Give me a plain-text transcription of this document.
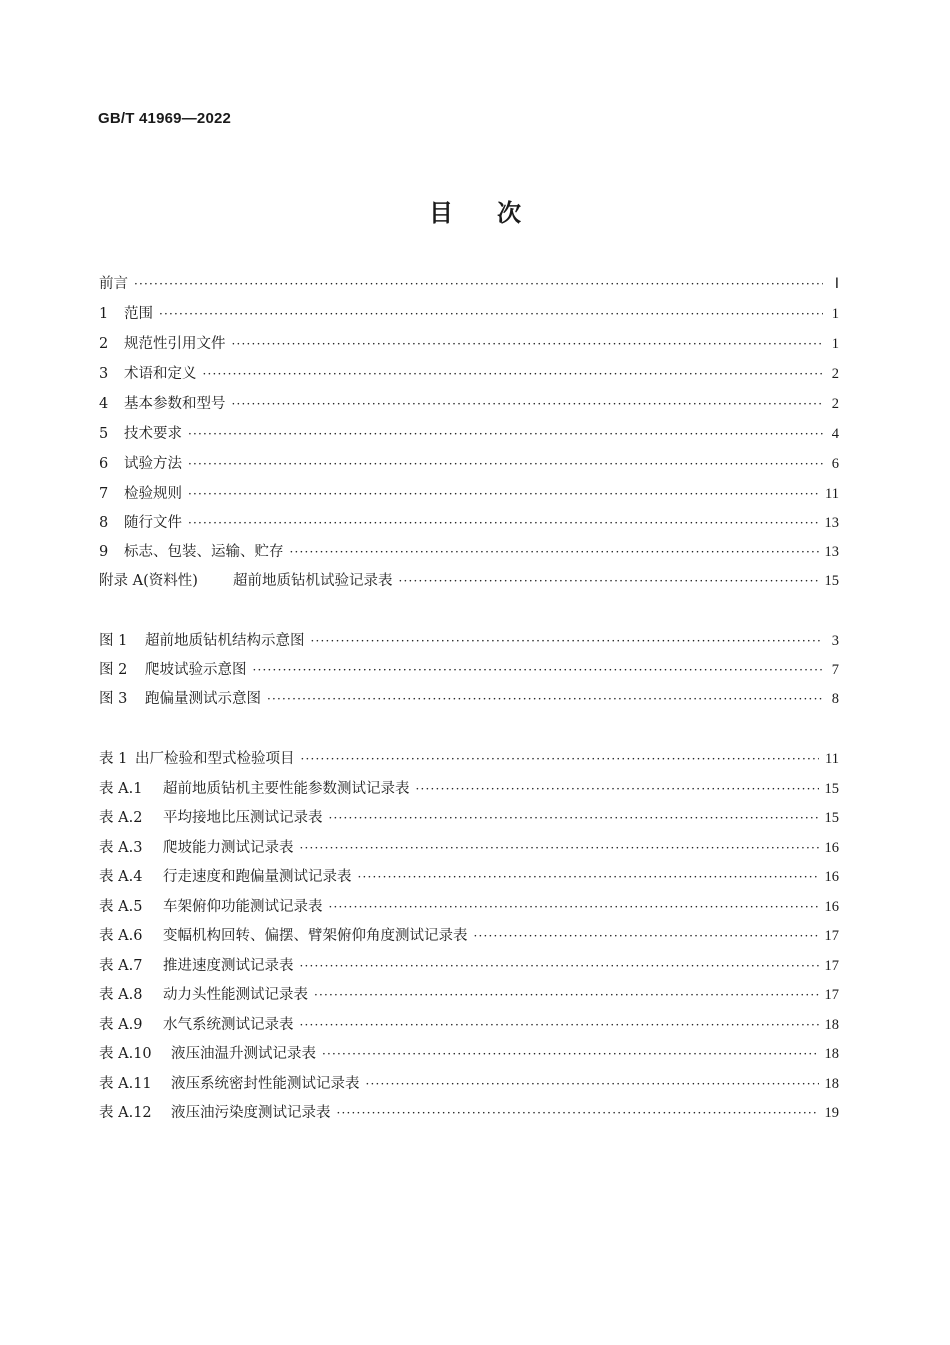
GB/T 41969—2022
目次
前言 ·····	Ⅰ
1	范围 ·····	1
2	规范性引用文件 ·····	1
3	术语和定义 ·····	2
4	基本参数和型号 ·····	2
5	技术要求 ·····	4
6	试验方法 ·····	6
7	检验规则 ·····	11
8	随行文件 ·····	13
9	标志、包装、运输、贮存 ·····	13
附录 A(资料性)	超前地质钻机试验记录表 ·····	15
图 1	超前地质钻机结构示意图 ·····	3
图 2	爬坡试验示意图 ·····	7
图 3	跑偏量测试示意图 ·····	8
表 1 出厂检验和型式检验项目 ·····	11
表 A.1	超前地质钻机主要性能参数测试记录表 ·····	15
表 A.2	平均接地比压测试记录表 ·····	15
表 A.3	爬坡能力测试记录表 ·····	16
表 A.4	行走速度和跑偏量测试记录表 ·····	16
表 A.5	车架俯仰功能测试记录表 ·····	16
表 A.6	变幅机构回转、偏摆、臂架俯仰角度测试记录表 ·····	17
表 A.7	推进速度测试记录表 ·····	17
表 A.8	动力头性能测试记录表 ·····	17
表 A.9	水气系统测试记录表 ·····	18
表 A.10	液压油温升测试记录表 ·····	18
表 A.11	液压系统密封性能测试记录表 ·····	18
表 A.12	液压油污染度测试记录表 ·····	19
